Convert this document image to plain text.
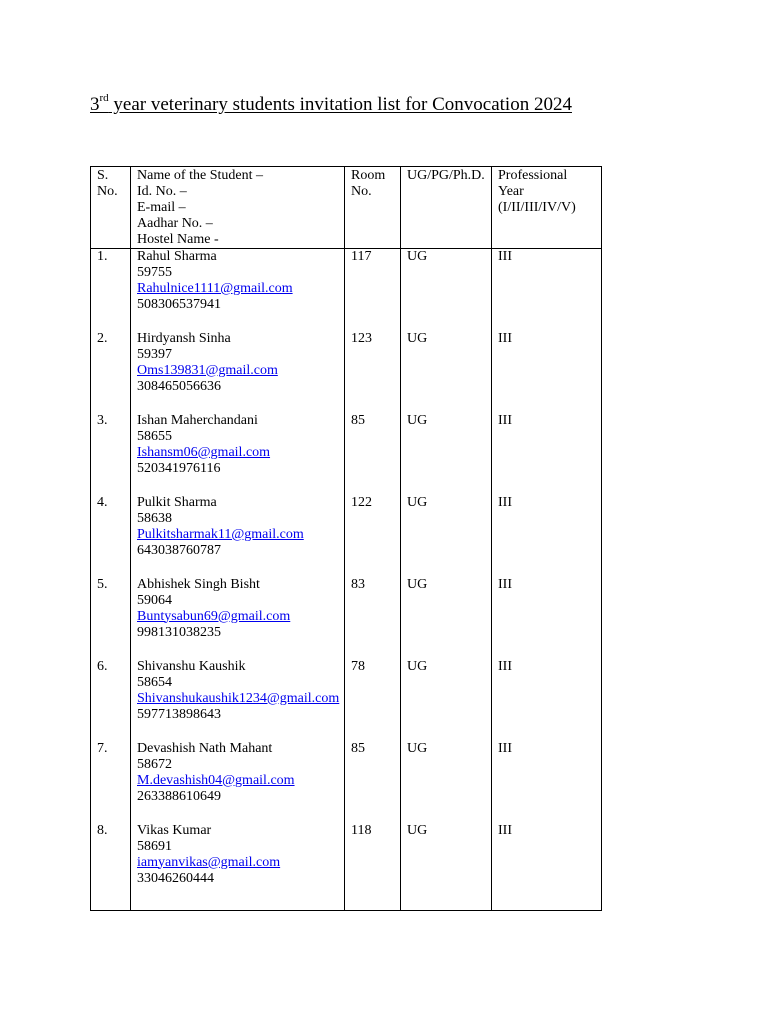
3rd year veterinary students invitation list for Convocation 2024
S.
No.	Name of the Student –
Id. No. –
E-mail –
Aadhar No. –
Hostel Name -	Room
No.	UG/PG/Ph.D.	Professional
Year
(I/II/III/IV/V)

1.	Rahul Sharma
59755
Rahulnice1111@gmail.com
508306537941	117	UG	III
2.	Hirdyansh Sinha
59397
Oms139831@gmail.com
308465056636	123	UG	III
3.	Ishan Maherchandani
58655
Ishansm06@gmail.com
520341976116	85	UG	III
4.	Pulkit Sharma
58638
Pulkitsharmak11@gmail.com
643038760787	122	UG	III
5.	Abhishek Singh Bisht
59064
Buntysabun69@gmail.com
998131038235	83	UG	III
6.	Shivanshu Kaushik
58654
Shivanshukaushik1234@gmail.com
597713898643	78	UG	III
7.	Devashish Nath Mahant
58672
M.devashish04@gmail.com
263388610649	85	UG	III
8.	Vikas Kumar
58691
iamyanvikas@gmail.com
33046260444	118	UG	III
